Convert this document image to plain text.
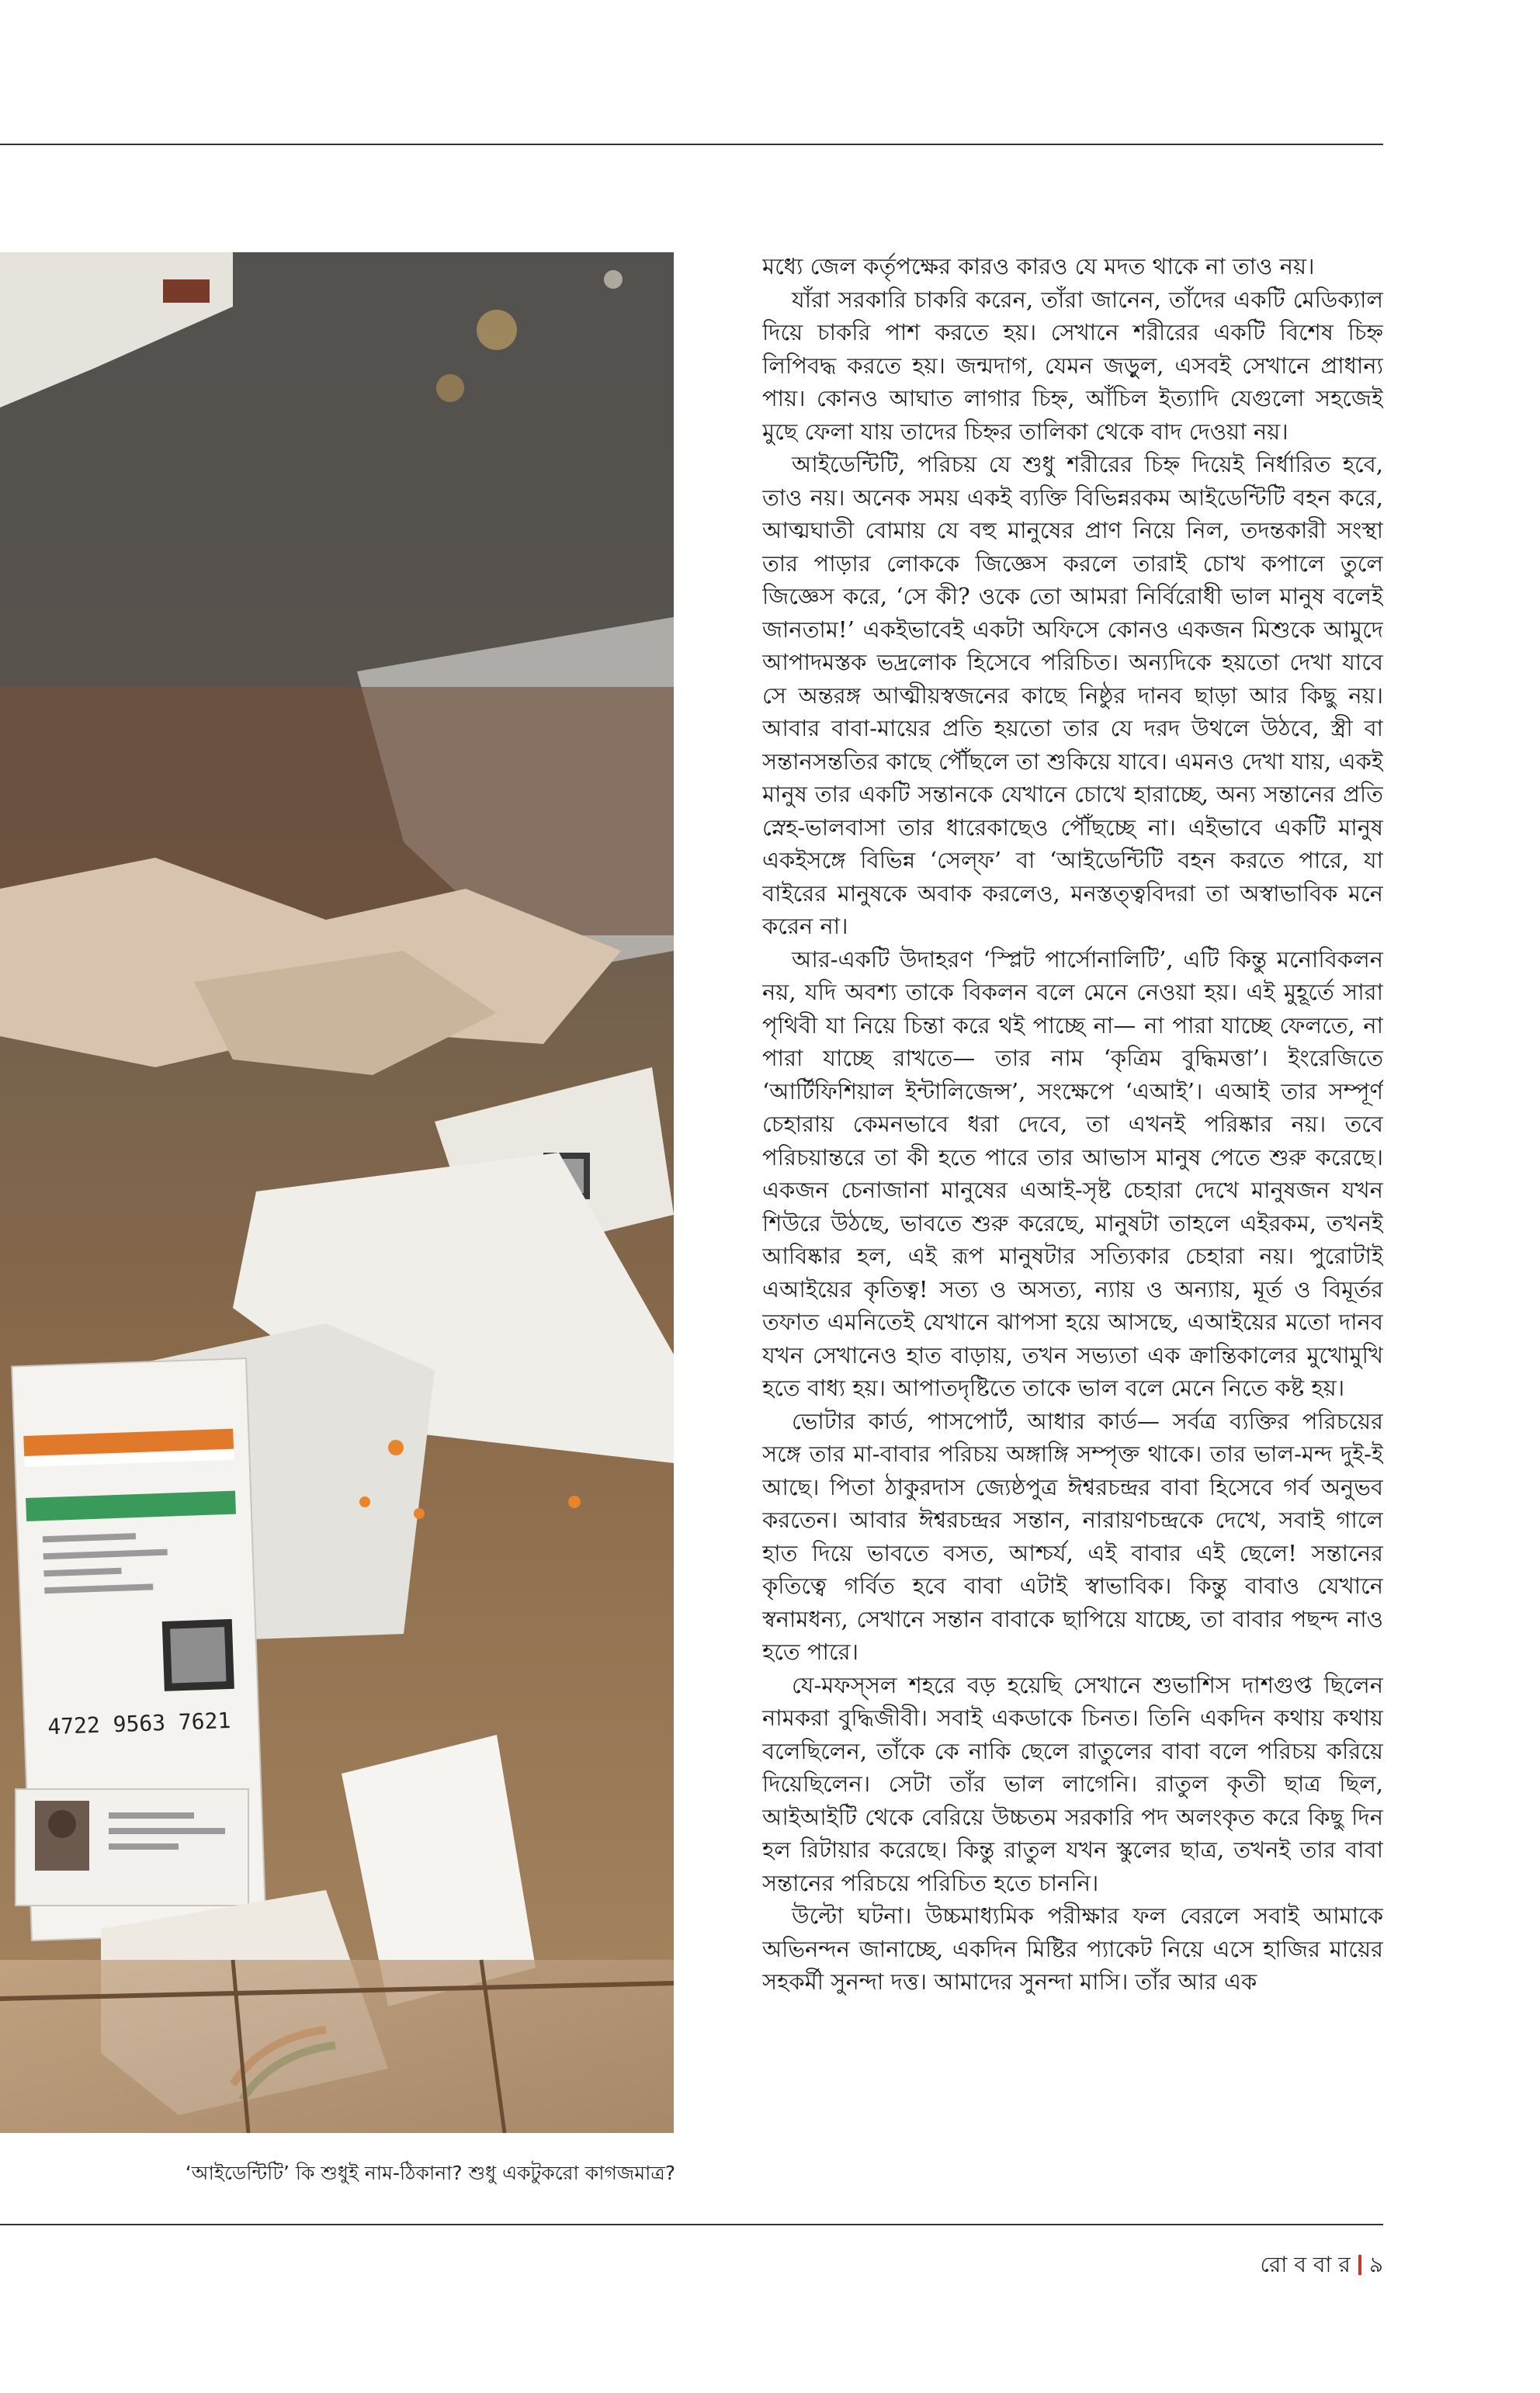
4722 9563 7621
‘আইডেন্টিটি’ কি শুধুই নাম-ঠিকানা? শুধু একটুকরো কাগজমাত্র?

মধ্যে জেল কর্তৃপক্ষের কারও কারও যে মদত থাকে না তাও নয়।

যাঁরা সরকারি চাকরি করেন, তাঁরা জানেন, তাঁদের একটি মেডিক্যাল দিয়ে চাকরি পাশ করতে হয়। সেখানে শরীরের একটি বিশেষ চিহ্ন লিপিবদ্ধ করতে হয়। জন্মদাগ, যেমন জড়ুল, এসবই সেখানে প্রাধান্য পায়। কোনও আঘাত লাগার চিহ্ন, আঁচিল ইত্যাদি যেগুলো সহজেই মুছে ফেলা যায় তাদের চিহ্নর তালিকা থেকে বাদ দেওয়া নয়।

আইডেন্টিটি, পরিচয় যে শুধু শরীরের চিহ্ন দিয়েই নির্ধারিত হবে, তাও নয়। অনেক সময় একই ব্যক্তি বিভিন্নরকম আইডেন্টিটি বহন করে, আত্মঘাতী বোমায় যে বহু মানুষের প্রাণ নিয়ে নিল, তদন্তকারী সংস্থা তার পাড়ার লোককে জিজ্ঞেস করলে তারাই চোখ কপালে তুলে জিজ্ঞেস করে, ‘সে কী? ওকে তো আমরা নির্বিরোধী ভাল মানুষ বলেই জানতাম!’ একইভাবেই একটা অফিসে কোনও একজন মিশুকে আমুদে আপাদমস্তক ভদ্রলোক হিসেবে পরিচিত। অন্যদিকে হয়তো দেখা যাবে সে অন্তরঙ্গ আত্মীয়স্বজনের কাছে নিষ্ঠুর দানব ছাড়া আর কিছু নয়। আবার বাবা-মায়ের প্রতি হয়তো তার যে দরদ উথলে উঠবে, স্ত্রী বা সন্তানসন্ততির কাছে পৌঁছলে তা শুকিয়ে যাবে। এমনও দেখা যায়, একই মানুষ তার একটি সন্তানকে যেখানে চোখে হারাচ্ছে, অন্য সন্তানের প্রতি স্নেহ-ভালবাসা তার ধারেকাছেও পৌঁছচ্ছে না। এইভাবে একটি মানুষ একইসঙ্গে বিভিন্ন ‘সেল্‌ফ’ বা ‘আইডেন্টিটি বহন করতে পারে, যা বাইরের মানুষকে অবাক করলেও, মনস্তত্ত্ববিদরা তা অস্বাভাবিক মনে করেন না।

আর-একটি উদাহরণ ‘স্প্লিট পার্সোনালিটি’, এটি কিন্তু মনোবিকলন নয়, যদি অবশ্য তাকে বিকলন বলে মেনে নেওয়া হয়। এই মুহূর্তে সারা পৃথিবী যা নিয়ে চিন্তা করে থই পাচ্ছে না— না পারা যাচ্ছে ফেলতে, না পারা যাচ্ছে রাখতে— তার নাম ‘কৃত্রিম বুদ্ধিমত্তা’। ইংরেজিতে ‘আর্টিফিশিয়াল ইন্টালিজেন্স’, সংক্ষেপে ‘এআই’। এআই তার সম্পূর্ণ চেহারায় কেমনভাবে ধরা দেবে, তা এখনই পরিষ্কার নয়। তবে পরিচয়ান্তরে তা কী হতে পারে তার আভাস মানুষ পেতে শুরু করেছে। একজন চেনাজানা মানুষের এআই-সৃষ্ট চেহারা দেখে মানুষজন যখন শিউরে উঠছে, ভাবতে শুরু করেছে, মানুষটা তাহলে এইরকম, তখনই আবিষ্কার হল, এই রূপ মানুষটার সত্যিকার চেহারা নয়। পুরোটাই এআইয়ের কৃতিত্ব! সত্য ও অসত্য, ন্যায় ও অন্যায়, মূর্ত ও বিমূর্তর তফাত এমনিতেই যেখানে ঝাপসা হয়ে আসছে, এআইয়ের মতো দানব যখন সেখানেও হাত বাড়ায়, তখন সভ্যতা এক ক্রান্তিকালের মুখোমুখি হতে বাধ্য হয়। আপাতদৃষ্টিতে তাকে ভাল বলে মেনে নিতে কষ্ট হয়।

ভোটার কার্ড, পাসপোর্ট, আধার কার্ড— সর্বত্র ব্যক্তির পরিচয়ের সঙ্গে তার মা-বাবার পরিচয় অঙ্গাঙ্গি সম্পৃক্ত থাকে। তার ভাল-মন্দ দুই-ই আছে। পিতা ঠাকুরদাস জ্যেষ্ঠপুত্র ঈশ্বরচন্দ্রর বাবা হিসেবে গর্ব অনুভব করতেন। আবার ঈশ্বরচন্দ্রর সন্তান, নারায়ণচন্দ্রকে দেখে, সবাই গালে হাত দিয়ে ভাবতে বসত, আশ্চর্য, এই বাবার এই ছেলে! সন্তানের কৃতিত্বে গর্বিত হবে বাবা এটাই স্বাভাবিক। কিন্তু বাবাও যেখানে স্বনামধন্য, সেখানে সন্তান বাবাকে ছাপিয়ে যাচ্ছে, তা বাবার পছন্দ নাও হতে পারে।

যে-মফস্‌সল শহরে বড় হয়েছি সেখানে শুভাশিস দাশগুপ্ত ছিলেন নামকরা বুদ্ধিজীবী। সবাই একডাকে চিনত। তিনি একদিন কথায় কথায় বলেছিলেন, তাঁকে কে নাকি ছেলে রাতুলের বাবা বলে পরিচয় করিয়ে দিয়েছিলেন। সেটা তাঁর ভাল লাগেনি। রাতুল কৃতী ছাত্র ছিল, আইআইটি থেকে বেরিয়ে উচ্চতম সরকারি পদ অলংকৃত করে কিছু দিন হল রিটায়ার করেছে। কিন্তু রাতুল যখন স্কুলের ছাত্র, তখনই তার বাবা সন্তানের পরিচয়ে পরিচিত হতে চাননি।

উল্টো ঘটনা। উচ্চমাধ্যমিক পরীক্ষার ফল বেরলে সবাই আমাকে অভিনন্দন জানাচ্ছে, একদিন মিষ্টির প্যাকেট নিয়ে এসে হাজির মায়ের সহকর্মী সুনন্দা দত্ত। আমাদের সুনন্দা মাসি। তাঁর আর এক

রো ব বা র ৯
